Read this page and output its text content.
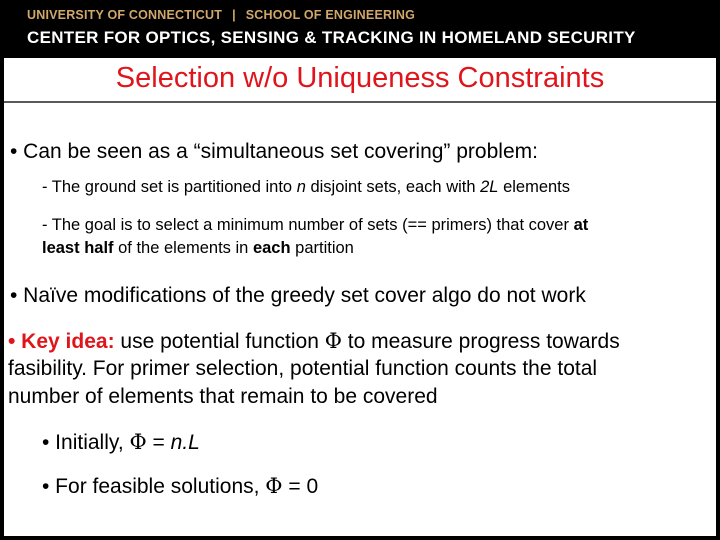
UNIVERSITY OF CONNECTICUT | SCHOOL OF ENGINEERING
CENTER FOR OPTICS, SENSING & TRACKING IN HOMELAND SECURITY
Selection w/o Uniqueness Constraints
• Can be seen as a “simultaneous set covering” problem:
- The ground set is partitioned into n disjoint sets, each with 2L elements
- The goal is to select a minimum number of sets (== primers) that cover at
least half of the elements in each partition
• Naïve modifications of the greedy set cover algo do not work
• Key idea: use potential function Φ to measure progress towards
fasibility. For primer selection, potential function counts the total
number of elements that remain to be covered
• Initially, Φ = n.L
• For feasible solutions, Φ = 0
